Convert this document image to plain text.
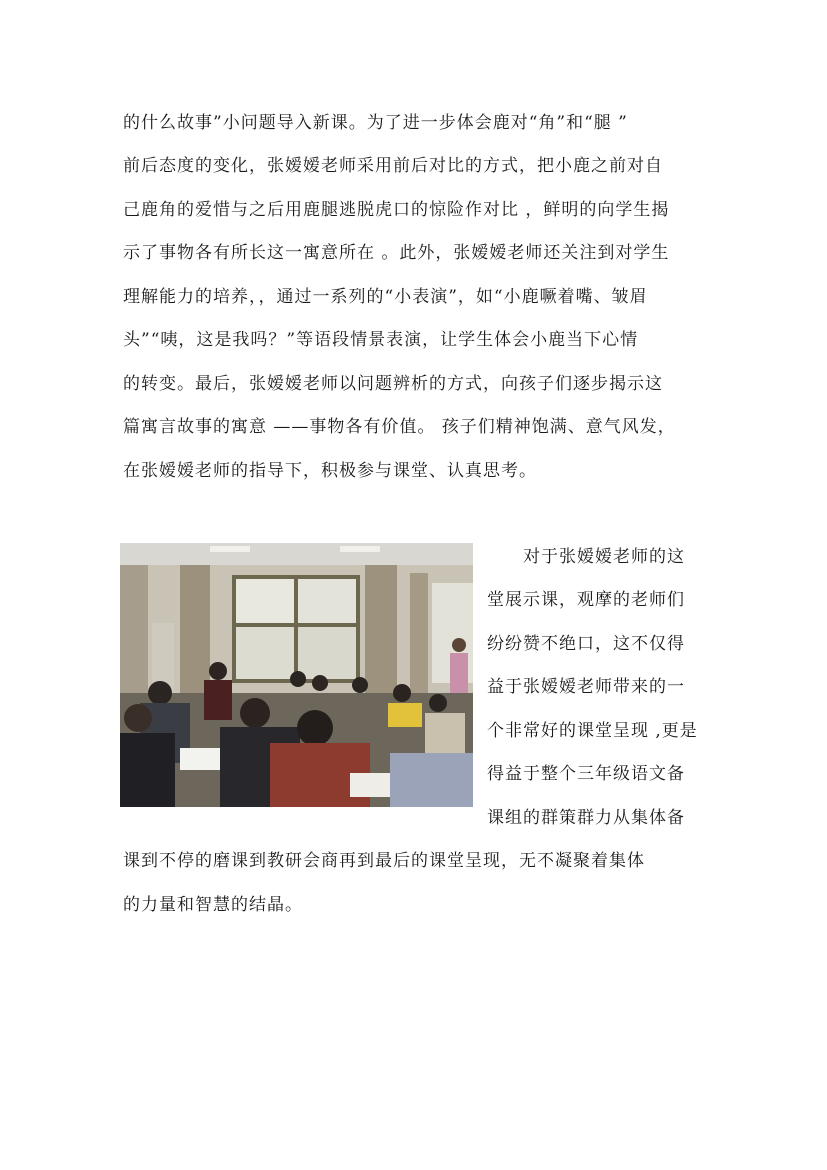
的什么故事”小问题导入新课。为了进一步体会鹿对“角”和“腿 ”
前后态度的变化，张嫒嫒老师采用前后对比的方式，把小鹿之前对自
己鹿角的爱惜与之后用鹿腿逃脱虎口的惊险作对比 ，鲜明的向学生揭
示了事物各有所长这一寓意所在 。此外，张嫒嫒老师还关注到对学生
理解能力的培养，，通过一系列的“小表演”，如“小鹿噘着嘴、皱眉
头”“咦，这是我吗？”等语段情景表演，让学生体会小鹿当下心情
的转变。最后，张嫒嫒老师以问题辨析的方式，向孩子们逐步揭示这
篇寓言故事的寓意 ——事物各有价值。 孩子们精神饱满、意气风发，
在张嫒嫒老师的指导下，积极参与课堂、认真思考。
　　对于张嫒嫒老师的这
堂展示课，观摩的老师们
纷纷赞不绝口，这不仅得
益于张嫒嫒老师带来的一
个非常好的课堂呈现 ,更是
得益于整个三年级语文备
课组的群策群力从集体备
课到不停的磨课到教研会商再到最后的课堂呈现，无不凝聚着集体
的力量和智慧的结晶。
